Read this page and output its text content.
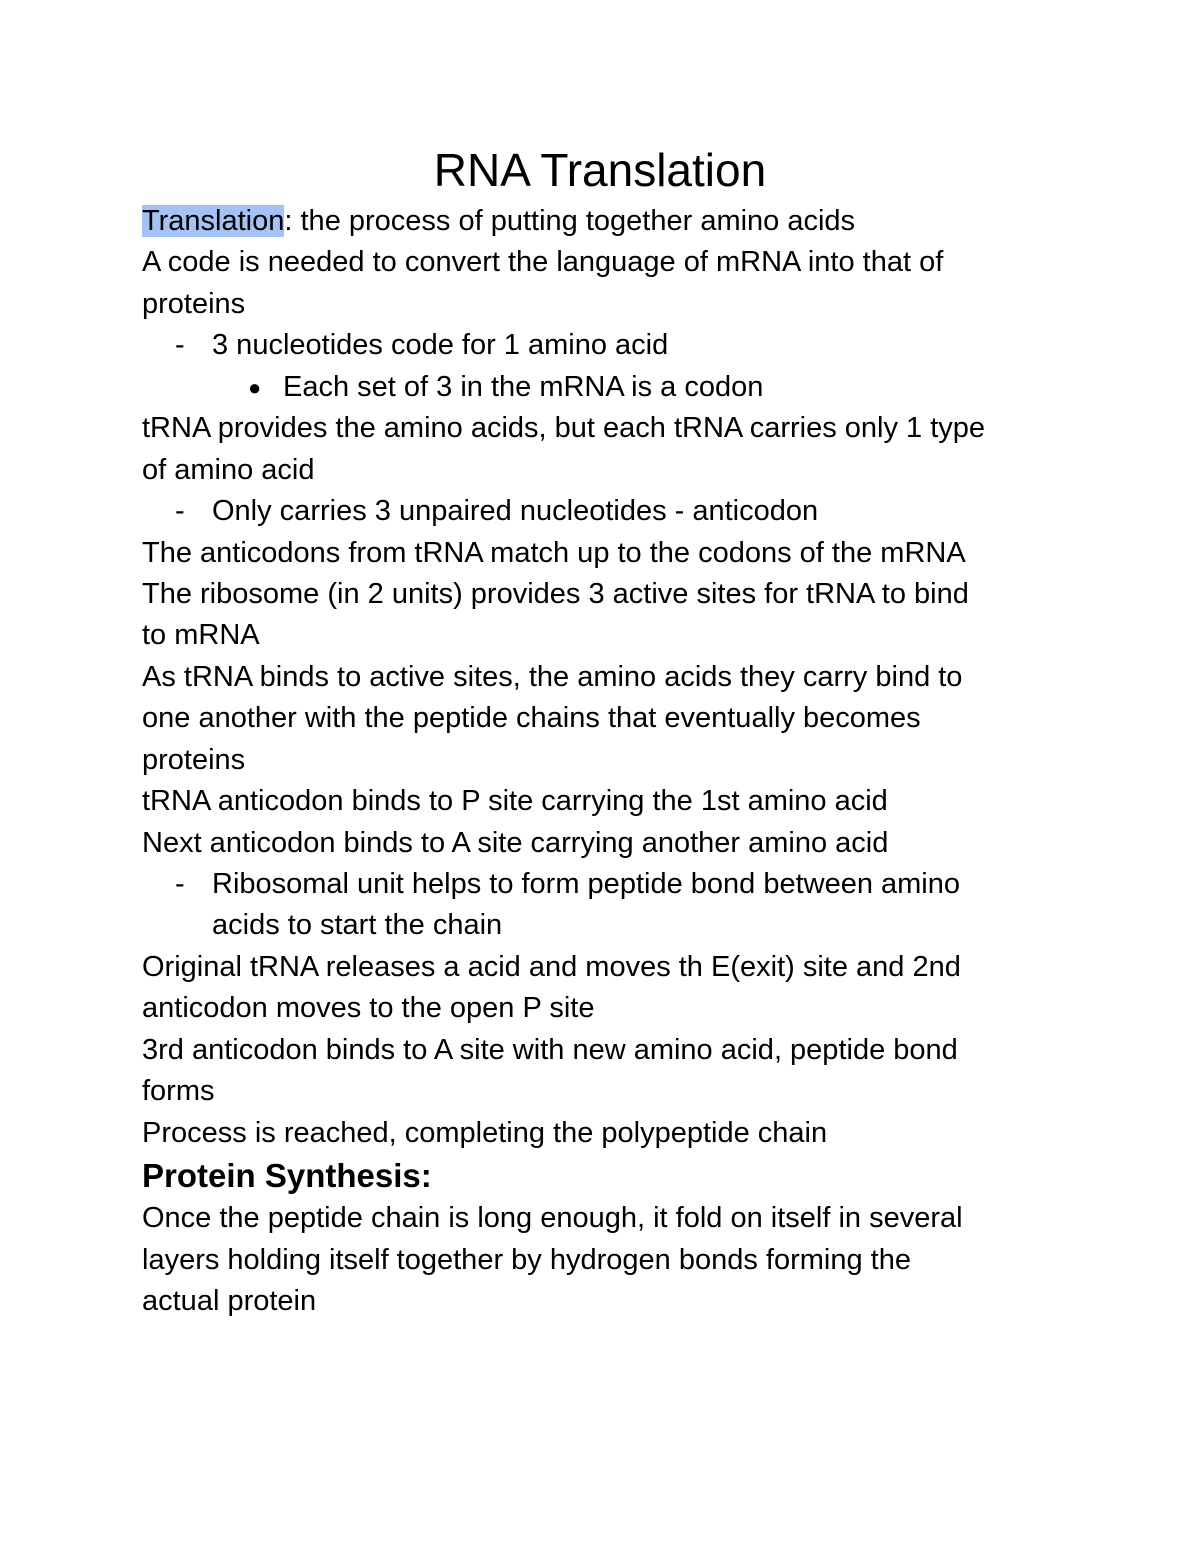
RNA Translation
Translation: the process of putting together amino acids
A code is needed to convert the language of mRNA into that of
proteins
- 3 nucleotides code for 1 amino acid
● Each set of 3 in the mRNA is a codon
tRNA provides the amino acids, but each tRNA carries only 1 type
of amino acid
- Only carries 3 unpaired nucleotides - anticodon
The anticodons from tRNA match up to the codons of the mRNA
The ribosome (in 2 units) provides 3 active sites for tRNA to bind
to mRNA
As tRNA binds to active sites, the amino acids they carry bind to
one another with the peptide chains that eventually becomes
proteins
tRNA anticodon binds to P site carrying the 1st amino acid
Next anticodon binds to A site carrying another amino acid
- Ribosomal unit helps to form peptide bond between amino
acids to start the chain
Original tRNA releases a acid and moves th E(exit) site and 2nd
anticodon moves to the open P site
3rd anticodon binds to A site with new amino acid, peptide bond
forms
Process is reached, completing the polypeptide chain
Protein Synthesis:
Once the peptide chain is long enough, it fold on itself in several
layers holding itself together by hydrogen bonds forming the
actual protein
